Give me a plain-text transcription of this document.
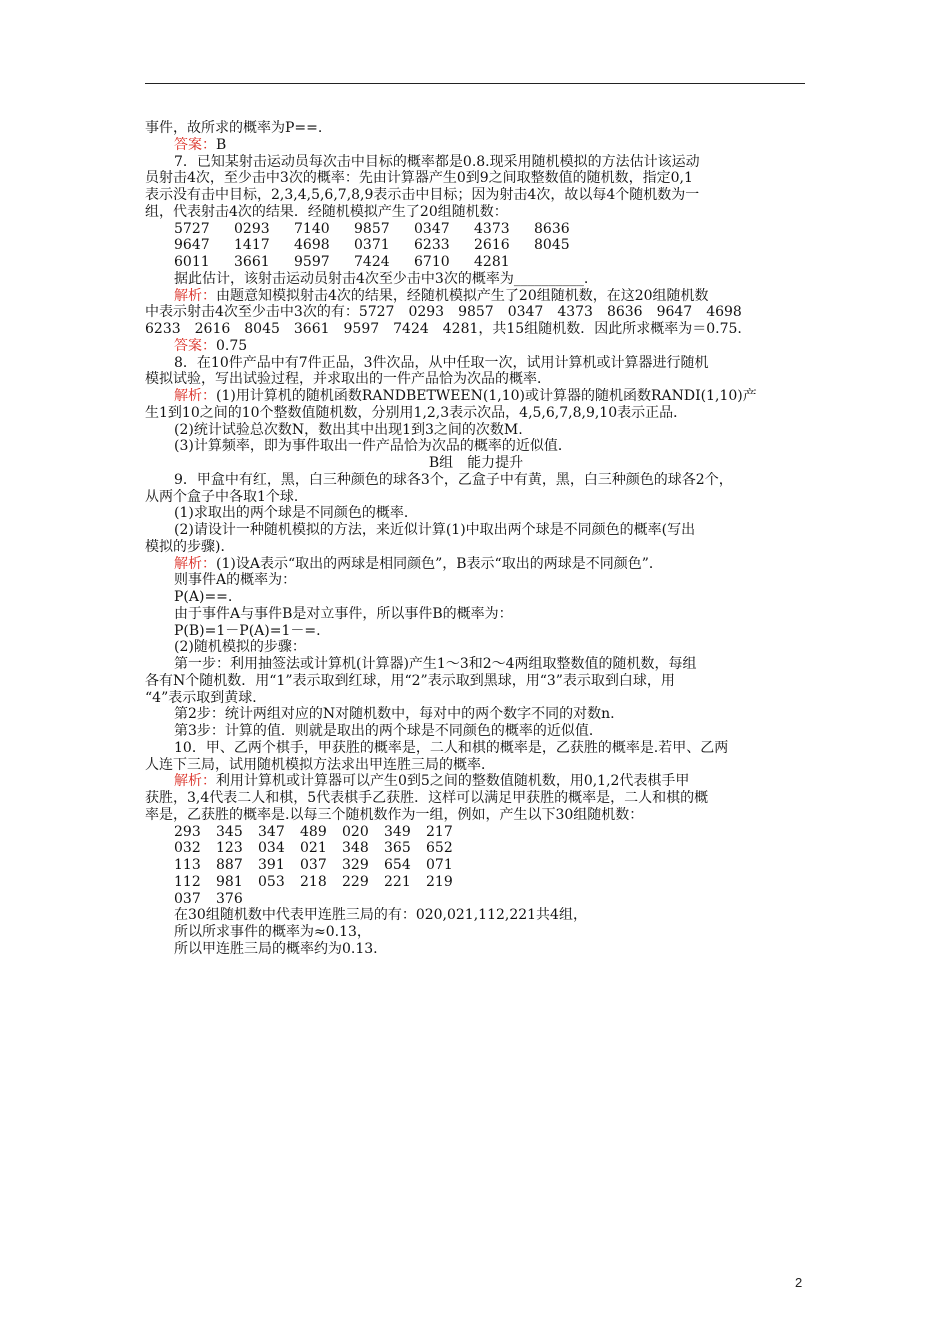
事件，故所求的概率为P==.
答案：B
7．已知某射击运动员每次击中目标的概率都是0.8.现采用随机模拟的方法估计该运动
员射击4次，至少击中3次的概率：先由计算器产生0到9之间取整数值的随机数，指定0,1
表示没有击中目标，2,3,4,5,6,7,8,9表示击中目标；因为射击4次，故以每4个随机数为一
组，代表射击4次的结果．经随机模拟产生了20组随机数：
5727	0293	7140	9857	0347	4373	8636
9647	1417	4698	0371	6233	2616	8045
6011	3661	9597	7424	6710	4281
据此估计，该射击运动员射击4次至少击中3次的概率为__________.
解析：由题意知模拟射击4次的结果，经随机模拟产生了20组随机数，在这20组随机数
中表示射击4次至少击中3次的有：5727　0293　9857　0347　4373　8636　9647　4698
6233　2616　8045　3661　9597　7424　4281，共15组随机数．因此所求概率为＝0.75.
答案：0.75
8．在10件产品中有7件正品，3件次品，从中任取一次，试用计算机或计算器进行随机
模拟试验，写出试验过程，并求取出的一件产品恰为次品的概率．
解析：(1)用计算机的随机函数RANDBETWEEN(1,10)或计算器的随机函数RANDI(1,10)产
生1到10之间的10个整数值随机数，分别用1,2,3表示次品，4,5,6,7,8,9,10表示正品．
(2)统计试验总次数N，数出其中出现1到3之间的次数M.
(3)计算频率，即为事件取出一件产品恰为次品的概率的近似值．
B组　能力提升
9．甲盒中有红，黑，白三种颜色的球各3个，乙盒子中有黄，黑，白三种颜色的球各2个，
从两个盒子中各取1个球．
(1)求取出的两个球是不同颜色的概率．
(2)请设计一种随机模拟的方法，来近似计算(1)中取出两个球是不同颜色的概率(写出
模拟的步骤)．
解析：(1)设A表示“取出的两球是相同颜色”，B表示“取出的两球是不同颜色”．
则事件A的概率为：
P(A)==.
由于事件A与事件B是对立事件，所以事件B的概率为：
P(B)=1－P(A)=1－=.
(2)随机模拟的步骤：
第一步：利用抽签法或计算机(计算器)产生1～3和2～4两组取整数值的随机数，每组
各有N个随机数．用“1”表示取到红球，用“2”表示取到黑球，用“3”表示取到白球，用
“4”表示取到黄球．
第2步：统计两组对应的N对随机数中，每对中的两个数字不同的对数n.
第3步：计算的值．则就是取出的两个球是不同颜色的概率的近似值．
10．甲、乙两个棋手，甲获胜的概率是，二人和棋的概率是，乙获胜的概率是.若甲、乙两
人连下三局，试用随机模拟方法求出甲连胜三局的概率．
解析：利用计算机或计算器可以产生0到5之间的整数值随机数，用0,1,2代表棋手甲
获胜，3,4代表二人和棋，5代表棋手乙获胜．这样可以满足甲获胜的概率是，二人和棋的概
率是，乙获胜的概率是.以每三个随机数作为一组，例如，产生以下30组随机数：
293	345	347	489	020	349	217
032	123	034	021	348	365	652
113	887	391	037	329	654	071
112	981	053	218	229	221	219
037	376
在30组随机数中代表甲连胜三局的有：020,021,112,221共4组，
所以所求事件的概率为≈0.13，
所以甲连胜三局的概率约为0.13.
2
